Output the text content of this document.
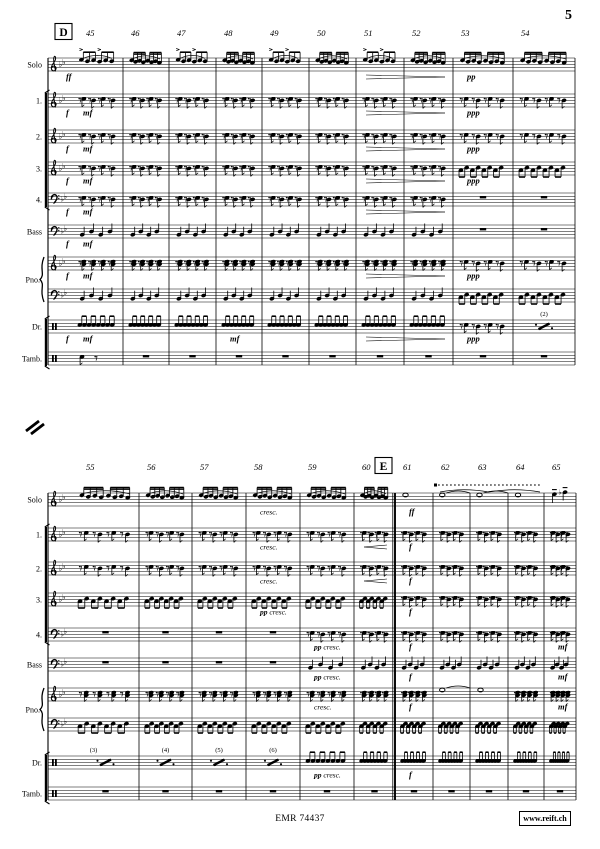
5
♭ ♭
Solo
♭ ♭
1.
♭ ♭
2.
♭ ♭
3.
♭ ♭
4.
♭ ♭
Bass
♭ ♭
♭ ♭
Dr.
Tamb.
Pno.
45	46	47	48	49	50	51	52	53	54
D
ff	pp
f mf	ppp
f mf	ppp
f mf	ppp
f mf
f mf
f mf	ppp
f mf	mf	ppp
(2)
♭ ♭
Solo
♭ ♭
1.
♭ ♭
2.
♭ ♭
3.
♭ ♭
4.
♭ ♭
Bass
♭ ♭
♭ ♭
Dr.
Tamb.
Pno.
55	56	57	58	59	60	61	62	63	64	65
E
♭
cresc.	ff
cresc.	f
cresc.	f
pp cresc.	f
pp cresc.	f	mf
pp cresc.	f	mf
cresc.	f	mf
pp cresc.	f
(3)	(4)	(5)	(6)
EMR 74437	www.reift.ch
